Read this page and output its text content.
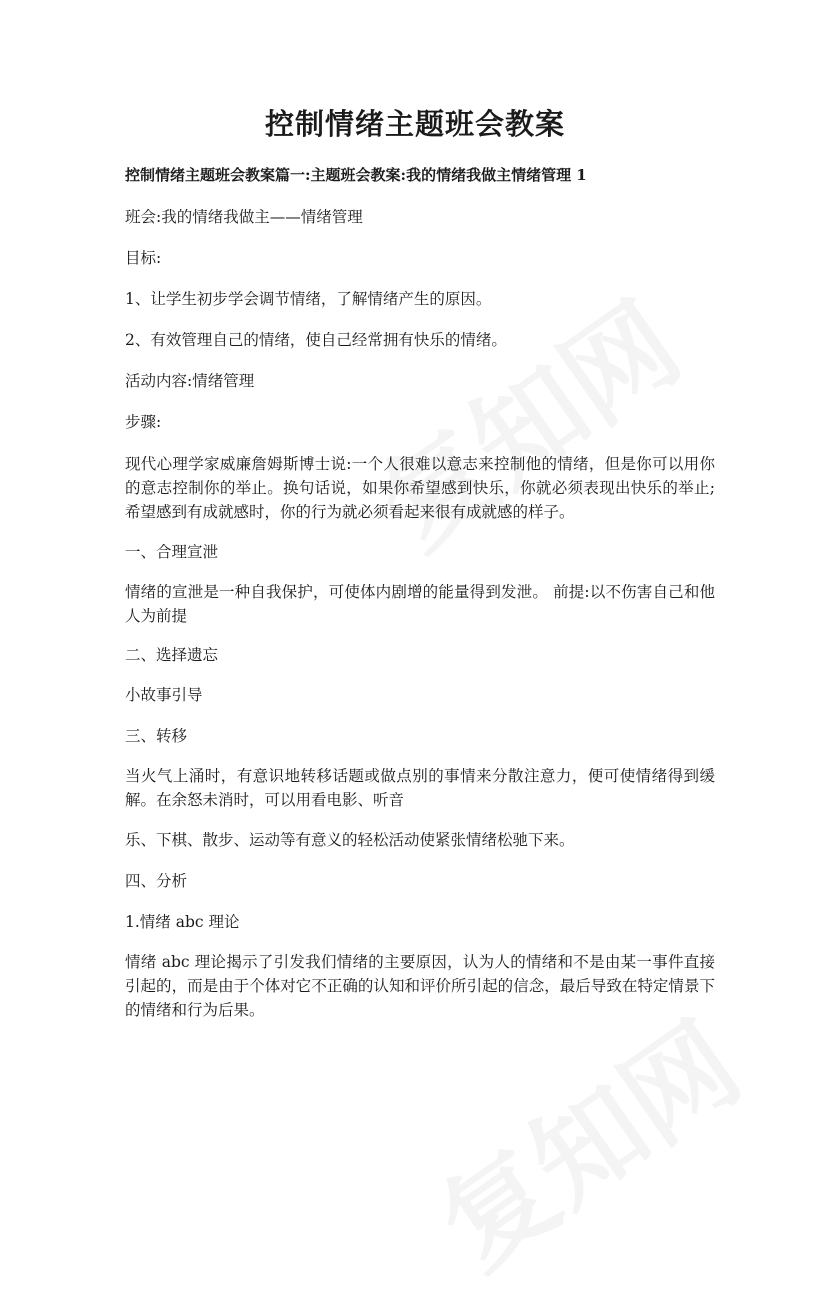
控制情绪主题班会教案
控制情绪主题班会教案篇一:主题班会教案:我的情绪我做主情绪管理 1

班会:我的情绪我做主——情绪管理

目标:

1、让学生初步学会调节情绪，了解情绪产生的原因。

2、有效管理自己的情绪，使自己经常拥有快乐的情绪。

活动内容:情绪管理

步骤:

现代心理学家威廉詹姆斯博士说:一个人很难以意志来控制他的情绪，但是你可以用你的意志控制你的举止。换句话说，如果你希望感到快乐，你就必须表现出快乐的举止;希望感到有成就感时，你的行为就必须看起来很有成就感的样子。

一、合理宣泄

情绪的宣泄是一种自我保护，可使体内剧增的能量得到发泄。 前提:以不伤害自己和他人为前提

二、选择遗忘

小故事引导

三、转移

当火气上涌时，有意识地转移话题或做点别的事情来分散注意力，便可使情绪得到缓解。在余怒未消时，可以用看电影、听音

乐、下棋、散步、运动等有意义的轻松活动使紧张情绪松驰下来。

四、分析

1.情绪 abc 理论

情绪 abc 理论揭示了引发我们情绪的主要原因，认为人的情绪和不是由某一事件直接引起的，而是由于个体对它不正确的认知和评价所引起的信念，最后导致在特定情景下的情绪和行为后果。
